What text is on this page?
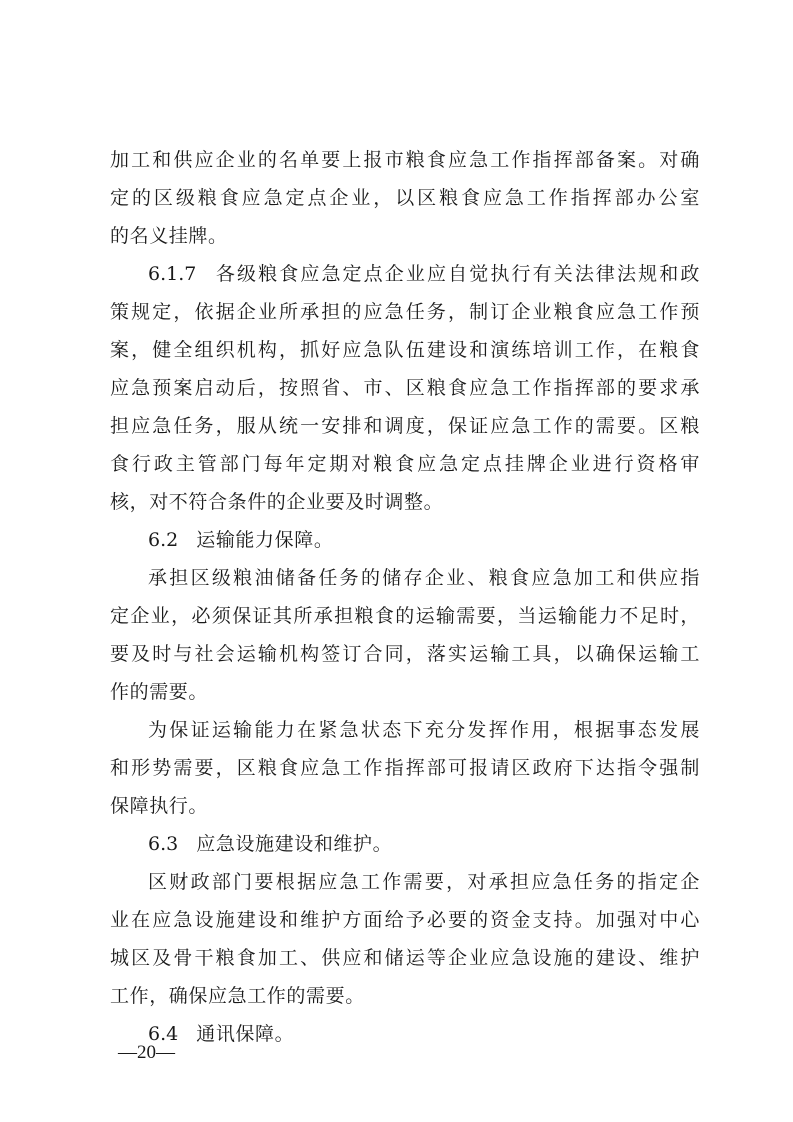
加工和供应企业的名单要上报市粮食应急工作指挥部备案。对确
定的区级粮食应急定点企业，以区粮食应急工作指挥部办公室
的名义挂牌。
6.1.7 各级粮食应急定点企业应自觉执行有关法律法规和政
策规定，依据企业所承担的应急任务，制订企业粮食应急工作预
案，健全组织机构，抓好应急队伍建设和演练培训工作，在粮食
应急预案启动后，按照省、市、区粮食应急工作指挥部的要求承
担应急任务，服从统一安排和调度，保证应急工作的需要。区粮
食行政主管部门每年定期对粮食应急定点挂牌企业进行资格审
核，对不符合条件的企业要及时调整。
6.2 运输能力保障。
承担区级粮油储备任务的储存企业、粮食应急加工和供应指
定企业，必须保证其所承担粮食的运输需要，当运输能力不足时，
要及时与社会运输机构签订合同，落实运输工具，以确保运输工
作的需要。
为保证运输能力在紧急状态下充分发挥作用，根据事态发展
和形势需要，区粮食应急工作指挥部可报请区政府下达指令强制
保障执行。
6.3 应急设施建设和维护。
区财政部门要根据应急工作需要，对承担应急任务的指定企
业在应急设施建设和维护方面给予必要的资金支持。加强对中心
城区及骨干粮食加工、供应和储运等企业应急设施的建设、维护
工作，确保应急工作的需要。
6.4 通讯保障。
—20—
